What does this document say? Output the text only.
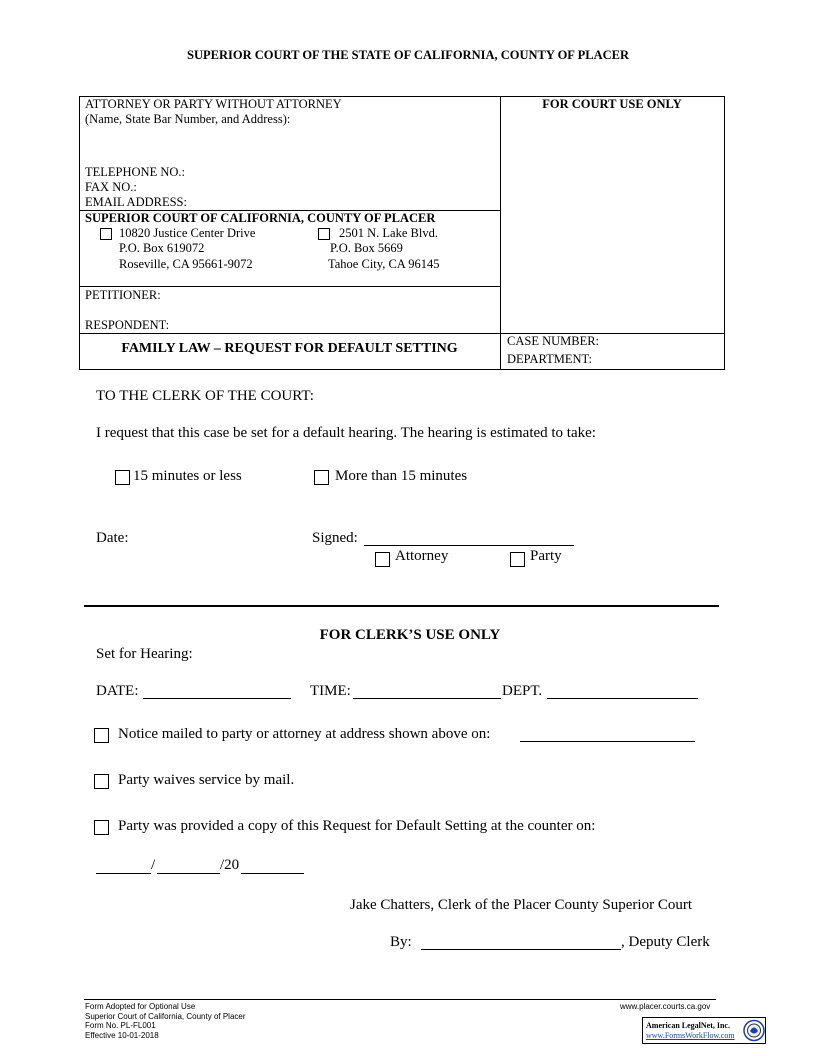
SUPERIOR COURT OF THE STATE OF CALIFORNIA, COUNTY OF PLACER
ATTORNEY OR PARTY WITHOUT ATTORNEY
(Name, State Bar Number, and Address):
TELEPHONE NO.:
FAX NO.:
EMAIL ADDRESS:
FOR COURT USE ONLY
SUPERIOR COURT OF CALIFORNIA, COUNTY OF PLACER
10820 Justice Center Drive
P.O. Box 619072
Roseville, CA 95661-9072
2501 N. Lake Blvd.
P.O. Box 5669
Tahoe City, CA 96145
PETITIONER:
RESPONDENT:
FAMILY LAW – REQUEST FOR DEFAULT SETTING	CASE NUMBER:
DEPARTMENT:
TO THE CLERK OF THE COURT:
I request that this case be set for a default hearing. The hearing is estimated to take:
15 minutes or less	More than 15 minutes
Date:	Signed:
Attorney	Party
FOR CLERK’S USE ONLY
Set for Hearing:
DATE:	TIME:	DEPT.
Notice mailed to party or attorney at address shown above on:
Party waives service by mail.
Party was provided a copy of this Request for Default Setting at the counter on:
/	/20
Jake Chatters, Clerk of the Placer County Superior Court
By:	, Deputy Clerk
Form Adopted for Optional Use
Superior Court of California, County of Placer
Form No. PL-FL001
Effective 10-01-2018
www.placer.courts.ca.gov
American LegalNet, Inc.
www.FormsWorkFlow.com
